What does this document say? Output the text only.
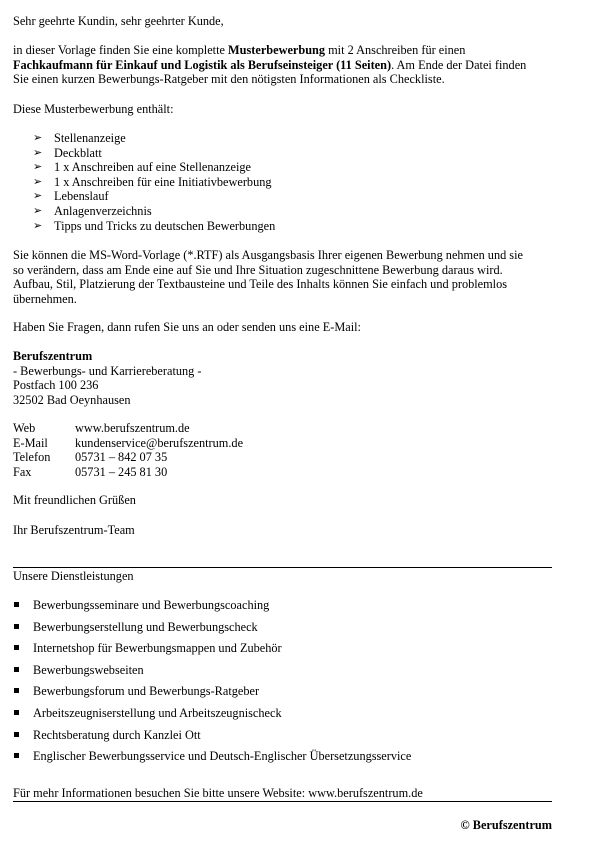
Sehr geehrte Kundin, sehr geehrter Kunde,

in dieser Vorlage finden Sie eine komplette Musterbewerbung mit 2 Anschreiben für einen

Fachkaufmann für Einkauf und Logistik als Berufseinsteiger (11 Seiten). Am Ende der Datei finden

Sie einen kurzen Bewerbungs-Ratgeber mit den nötigsten Informationen als Checkliste.

Diese Musterbewerbung enthält:
➢ Stellenanzeige
➢ Deckblatt
➢ 1 x Anschreiben auf eine Stellenanzeige
➢ 1 x Anschreiben für eine Initiativbewerbung
➢ Lebenslauf
➢ Anlagenverzeichnis
➢ Tipps und Tricks zu deutschen Bewerbungen

Sie können die MS-Word-Vorlage (*.RTF) als Ausgangsbasis Ihrer eigenen Bewerbung nehmen und sie

so verändern, dass am Ende eine auf Sie und Ihre Situation zugeschnittene Bewerbung daraus wird.

Aufbau, Stil, Platzierung der Textbausteine und Teile des Inhalts können Sie einfach und problemlos

übernehmen.

Haben Sie Fragen, dann rufen Sie uns an oder senden uns eine E-Mail:

Berufszentrum

- Bewerbungs- und Karriereberatung -

Postfach 100 236

32502 Bad Oeynhausen

Web	www.berufszentrum.de
E-Mail kundenservice@berufszentrum.de
Telefon 05731 – 842 07 35
Fax	05731 – 245 81 30
Mit freundlichen Grüßen
Ihr Berufszentrum-Team
Unsere Dienstleistungen
Bewerbungsseminare und Bewerbungscoaching
Bewerbungserstellung und Bewerbungscheck
Internetshop für Bewerbungsmappen und Zubehör
Bewerbungswebseiten
Bewerbungsforum und Bewerbungs-Ratgeber
Arbeitszeugniserstellung und Arbeitszeugnischeck
Rechtsberatung durch Kanzlei Ott
Englischer Bewerbungsservice und Deutsch-Englischer Übersetzungsservice
Für mehr Informationen besuchen Sie bitte unsere Website: www.berufszentrum.de
© Berufszentrum
